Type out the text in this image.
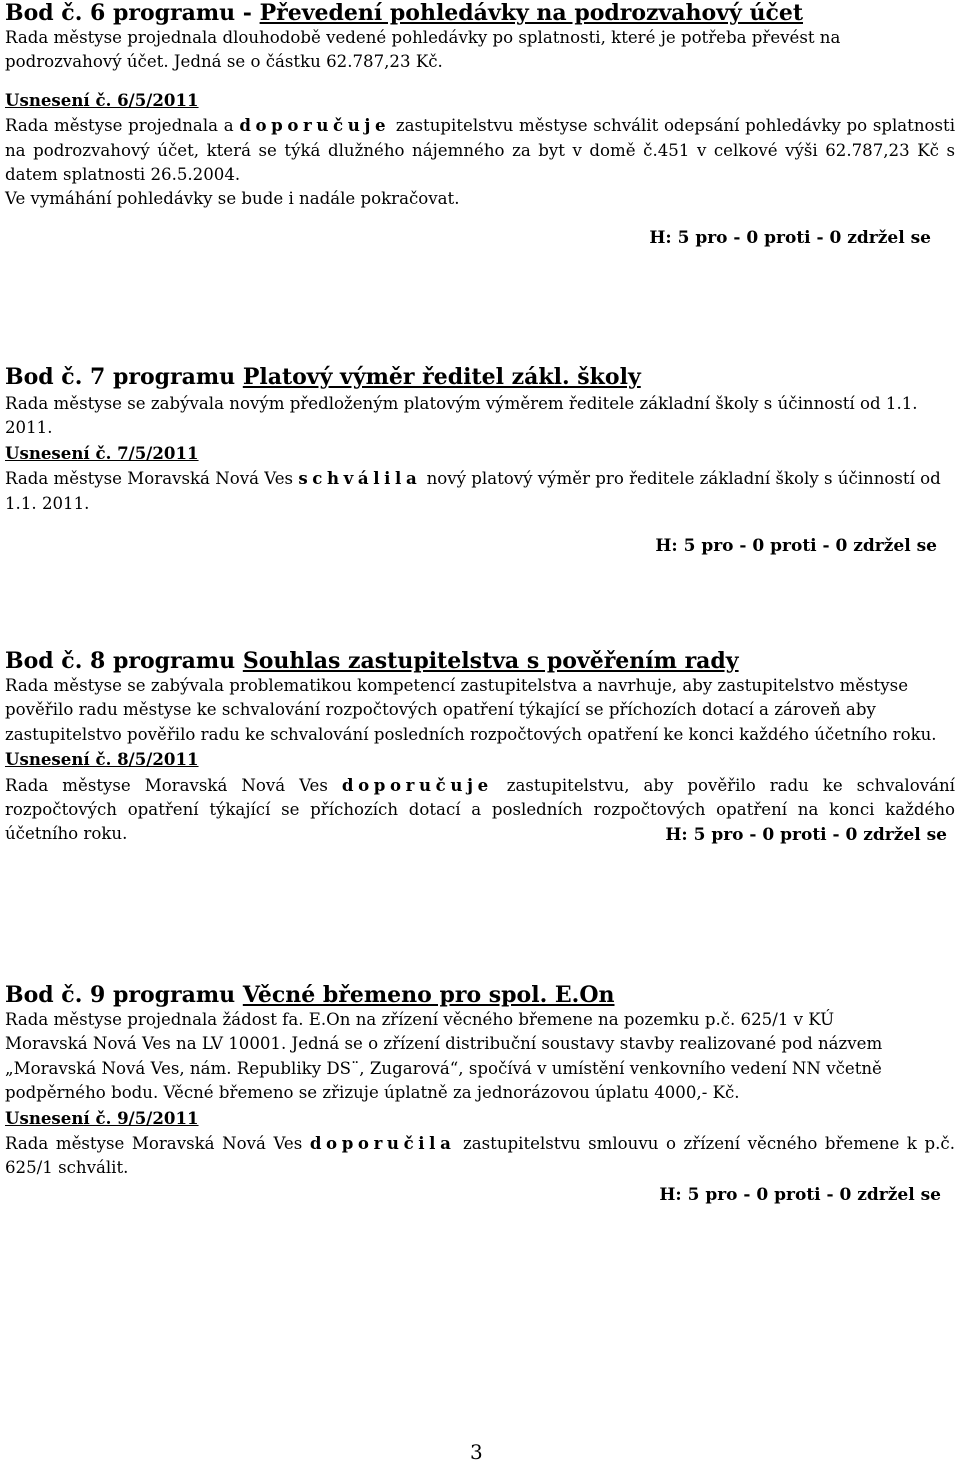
Bod č. 6 programu - Převedení pohledávky na podrozvahový účet

Rada městyse projednala dlouhodobě vedené pohledávky po splatnosti, které je potřeba převést na podrozvahový účet. Jedná se o částku 62.787,23 Kč.

Usnesení č. 6/5/2011

Rada městyse projednala a doporučuje zastupitelstvu městyse schválit odepsání pohledávky po splatnosti na podrozvahový účet, která se týká dlužného nájemného za byt v domě č.451 v celkové výši 62.787,23 Kč s datem splatnosti 26.5.2004.

Ve vymáhání pohledávky se bude i nadále pokračovat.

H: 5 pro - 0 proti - 0 zdržel se

Bod č. 7 programu Platový výměr ředitel zákl. školy

Rada městyse se zabývala novým předloženým platovým výměrem ředitele základní školy s účinností od 1.1. 2011.

Usnesení č. 7/5/2011

Rada městyse Moravská Nová Ves schválila nový platový výměr pro ředitele základní školy s účinností od 1.1. 2011.

H: 5 pro - 0 proti - 0 zdržel se

Bod č. 8 programu Souhlas zastupitelstva s pověřením rady

Rada městyse se zabývala problematikou kompetencí zastupitelstva a navrhuje, aby zastupitelstvo městyse pověřilo radu městyse ke schvalování rozpočtových opatření týkající se příchozích dotací a zároveň aby zastupitelstvo pověřilo radu ke schvalování posledních rozpočtových opatření ke konci každého účetního roku.

Usnesení č. 8/5/2011

Rada městyse Moravská Nová Ves doporučuje zastupitelstvu, aby pověřilo radu ke schvalování rozpočtových opatření týkající se příchozích dotací a posledních rozpočtových opatření na konci každého účetního roku.	H: 5 pro - 0 proti - 0 zdržel se

Bod č. 9 programu Věcné břemeno pro spol. E.On

Rada městyse projednala žádost fa. E.On na zřízení věcného břemene na pozemku p.č. 625/1 v KÚ Moravská Nová Ves na LV 10001. Jedná se o zřízení distribuční soustavy stavby realizované pod názvem „Moravská Nová Ves, nám. Republiky DS¨, Zugarová“, spočívá v umístění venkovního vedení NN včetně podpěrného bodu. Věcné břemeno se zřizuje úplatně za jednorázovou úplatu 4000,- Kč.

Usnesení č. 9/5/2011

Rada městyse Moravská Nová Ves doporučila zastupitelstvu smlouvu o zřízení věcného břemene k p.č. 625/1 schválit.

H: 5 pro - 0 proti - 0 zdržel se

3
